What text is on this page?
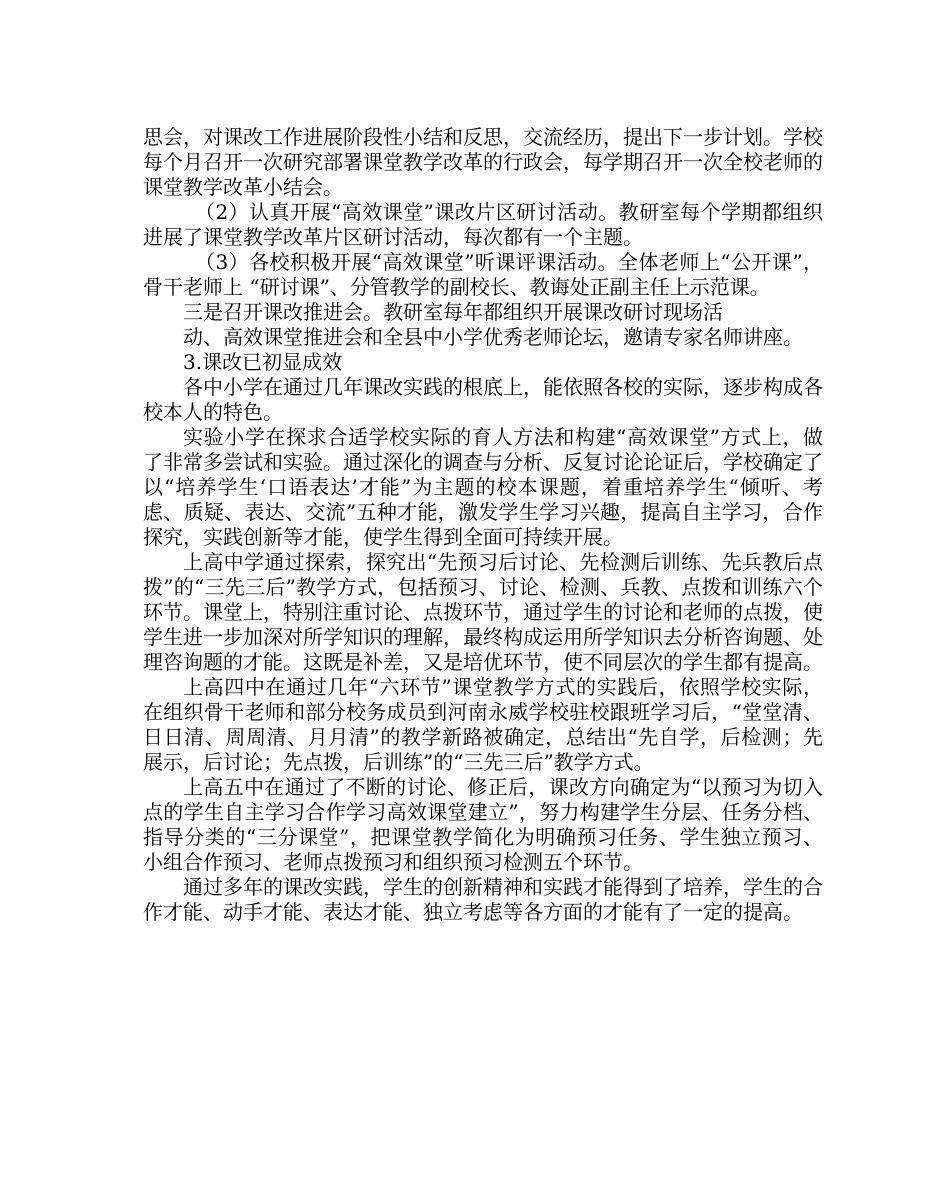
思会，对课改工作进展阶段性小结和反思，交流经历，提出下一步计划。学校每个月召开一次研究部署课堂教学改革的行政会，每学期召开一次全校老师的课堂教学改革小结会。

（2）认真开展“高效课堂”课改片区研讨活动。教研室每个学期都组织进展了课堂教学改革片区研讨活动，每次都有一个主题。

（3）各校积极开展“高效课堂”听课评课活动。全体老师上“公开课”，骨干老师上 “研讨课”、分管教学的副校长、教诲处正副主任上示范课。

三是召开课改推进会。教研室每年都组织开展课改研讨现场活

动、高效课堂推进会和全县中小学优秀老师论坛，邀请专家名师讲座。

3.课改已初显成效

各中小学在通过几年课改实践的根底上，能依照各校的实际，逐步构成各校本人的特色。

实验小学在探求合适学校实际的育人方法和构建“高效课堂”方式上，做了非常多尝试和实验。通过深化的调查与分析、反复讨论论证后，学校确定了以“培养学生‘口语表达’才能”为主题的校本课题，着重培养学生“倾听、考虑、质疑、表达、交流”五种才能，激发学生学习兴趣，提高自主学习，合作探究，实践创新等才能，使学生得到全面可持续开展。

上高中学通过探索，探究出“先预习后讨论、先检测后训练、先兵教后点拨”的“三先三后”教学方式，包括预习、讨论、检测、兵教、点拨和训练六个环节。课堂上，特别注重讨论、点拨环节，通过学生的讨论和老师的点拨，使学生进一步加深对所学知识的理解，最终构成运用所学知识去分析咨询题、处理咨询题的才能。这既是补差，又是培优环节，使不同层次的学生都有提高。

上高四中在通过几年“六环节”课堂教学方式的实践后，依照学校实际，在组织骨干老师和部分校务成员到河南永威学校驻校跟班学习后，“堂堂清、日日清、周周清、月月清”的教学新路被确定，总结出“先自学，后检测；先展示，后讨论；先点拨，后训练”的“三先三后”教学方式。

上高五中在通过了不断的讨论、修正后，课改方向确定为“以预习为切入点的学生自主学习合作学习高效课堂建立”，努力构建学生分层、任务分档、指导分类的“三分课堂”，把课堂教学简化为明确预习任务、学生独立预习、小组合作预习、老师点拨预习和组织预习检测五个环节。

通过多年的课改实践，学生的创新精神和实践才能得到了培养，学生的合作才能、动手才能、表达才能、独立考虑等各方面的才能有了一定的提高。
